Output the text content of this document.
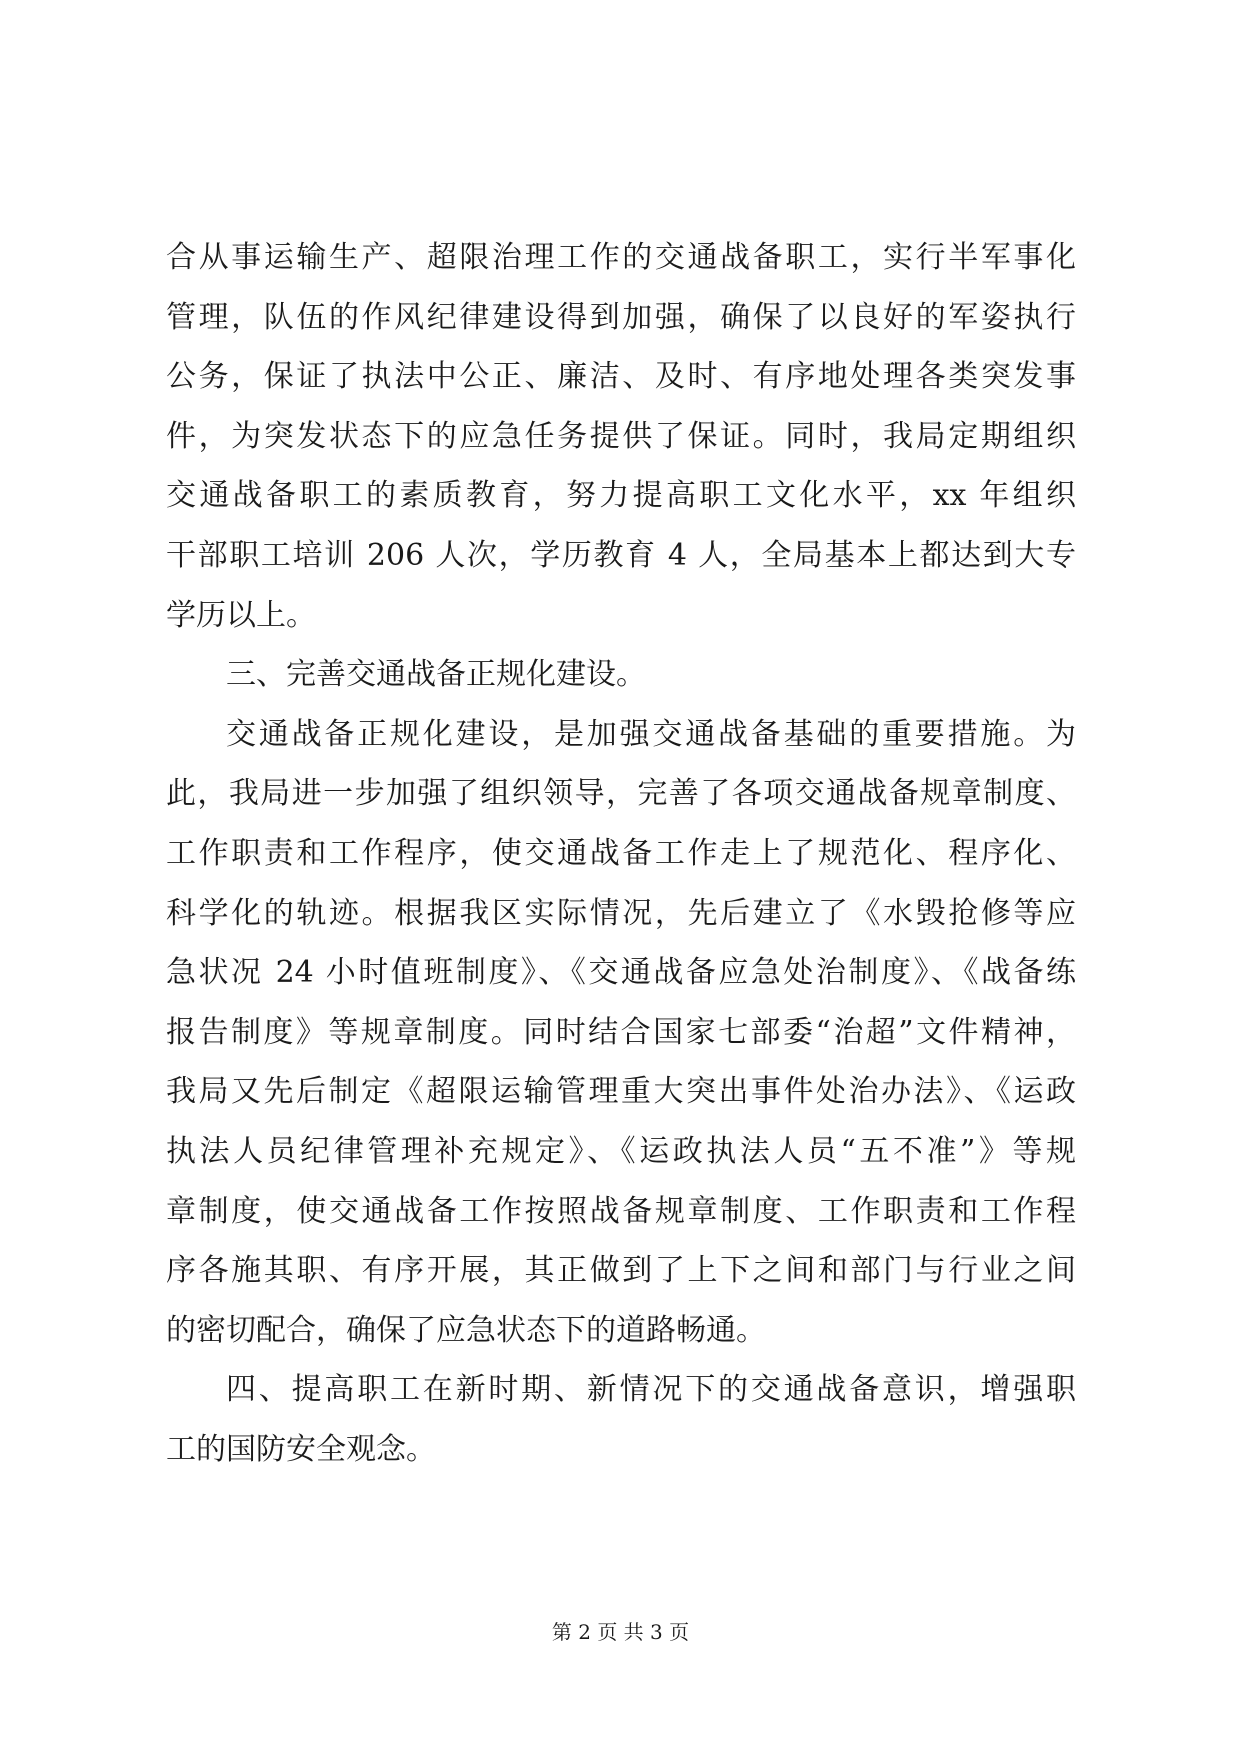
合从事运输生产、超限治理工作的交通战备职工，实行半军事化
管理，队伍的作风纪律建设得到加强，确保了以良好的军姿执行
公务，保证了执法中公正、廉洁、及时、有序地处理各类突发事
件，为突发状态下的应急任务提供了保证。同时，我局定期组织
交通战备职工的素质教育，努力提高职工文化水平，xx 年组织
干部职工培训 206 人次，学历教育 4 人，全局基本上都达到大专
学历以上。
三、完善交通战备正规化建设。
交通战备正规化建设，是加强交通战备基础的重要措施。为
此，我局进一步加强了组织领导，完善了各项交通战备规章制度、
工作职责和工作程序，使交通战备工作走上了规范化、程序化、
科学化的轨迹。根据我区实际情况，先后建立了《水毁抢修等应
急状况 24 小时值班制度》、《交通战备应急处治制度》、《战备练
报告制度》等规章制度。同时结合国家七部委“治超”文件精神，
我局又先后制定《超限运输管理重大突出事件处治办法》、《运政
执法人员纪律管理补充规定》、《运政执法人员“五不准”》等规
章制度，使交通战备工作按照战备规章制度、工作职责和工作程
序各施其职、有序开展，其正做到了上下之间和部门与行业之间
的密切配合，确保了应急状态下的道路畅通。
四、提高职工在新时期、新情况下的交通战备意识，增强职
工的国防安全观念。
第 2 页 共 3 页
